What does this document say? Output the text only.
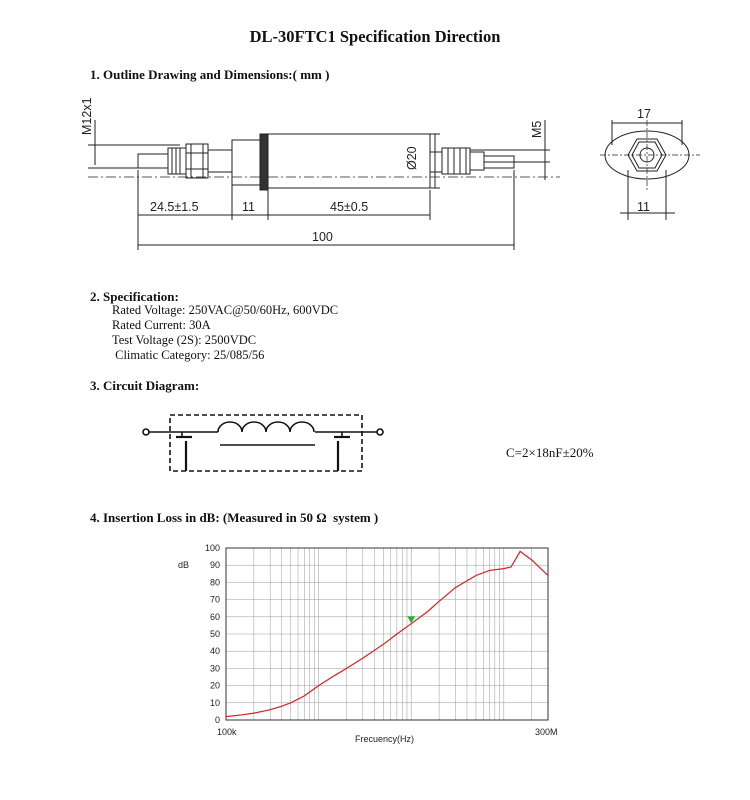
DL-30FTC1 Specification Direction
1. Outline Drawing and Dimensions:( mm )
M12x1	M5
Ø20
24.5±1.5	11	45±0.5
100
17
11
2. Specification:
Rated Voltage: 250VAC@50/60Hz, 600VDC
Rated Current: 30A
Test Voltage (2S): 2500VDC
Climatic Category: 25/085/56
3. Circuit Diagram:
C=2×18nF±20%
4. Insertion Loss in dB: (Measured in 50 Ω  system )
0
10
20
30
40
50
60
70
80
90
100
dB
100k	300M
Frecuency(Hz)
